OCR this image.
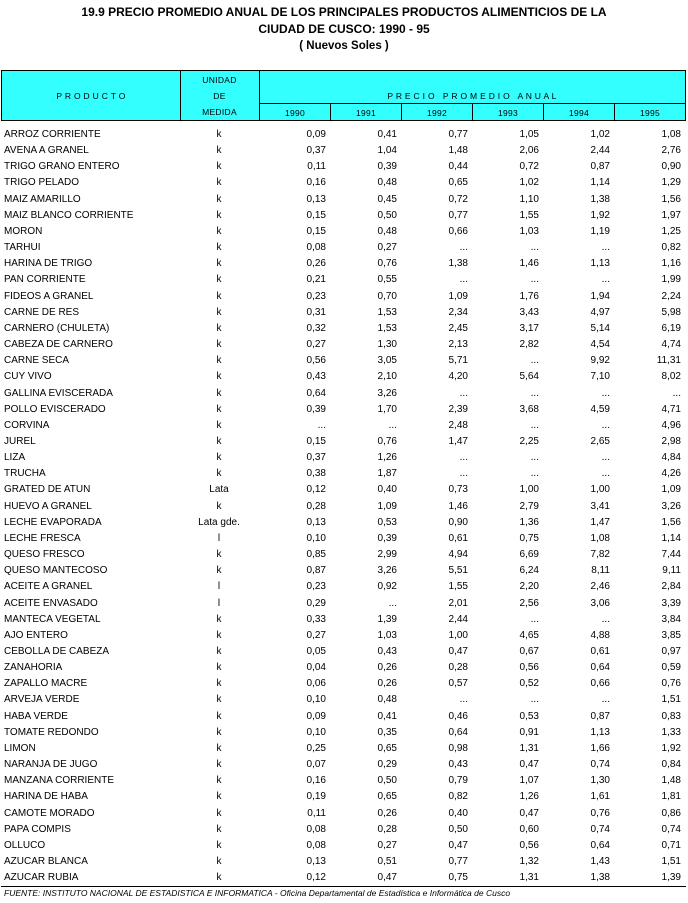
19.9 PRECIO PROMEDIO ANUAL DE LOS PRINCIPALES PRODUCTOS ALIMENTICIOS DE LA
CIUDAD DE CUSCO: 1990 - 95
( Nuevos Soles )
P R O D U C T O
UNIDAD
DE
MEDIDA
P R E C I O   P R O M E D I O   A N U A L
1990	1991	1992	1993	1994	1995
ARROZ CORRIENTE	k	0,09	0,41	0,77	1,05	1,02	1,08
AVENA A GRANEL	k	0,37	1,04	1,48	2,06	2,44	2,76
TRIGO GRANO ENTERO	k	0,11	0,39	0,44	0,72	0,87	0,90
TRIGO PELADO	k	0,16	0,48	0,65	1,02	1,14	1,29
MAIZ AMARILLO	k	0,13	0,45	0,72	1,10	1,38	1,56
MAIZ BLANCO CORRIENTE	k	0,15	0,50	0,77	1,55	1,92	1,97
MORON	k	0,15	0,48	0,66	1,03	1,19	1,25
TARHUI	k	0,08	0,27	...	...	...	0,82
HARINA DE TRIGO	k	0,26	0,76	1,38	1,46	1,13	1,16
PAN CORRIENTE	k	0,21	0,55	...	...	...	1,99
FIDEOS A GRANEL	k	0,23	0,70	1,09	1,76	1,94	2,24
CARNE DE RES	k	0,31	1,53	2,34	3,43	4,97	5,98
CARNERO (CHULETA)	k	0,32	1,53	2,45	3,17	5,14	6,19
CABEZA DE CARNERO	k	0,27	1,30	2,13	2,82	4,54	4,74
CARNE SECA	k	0,56	3,05	5,71	...	9,92	11,31
CUY VIVO	k	0,43	2,10	4,20	5,64	7,10	8,02
GALLINA EVISCERADA	k	0,64	3,26	...	...	...	...
POLLO EVISCERADO	k	0,39	1,70	2,39	3,68	4,59	4,71
CORVINA	k	...	...	2,48	...	...	4,96
JUREL	k	0,15	0,76	1,47	2,25	2,65	2,98
LIZA	k	0,37	1,26	...	...	...	4,84
TRUCHA	k	0,38	1,87	...	...	...	4,26
GRATED DE ATUN	Lata	0,12	0,40	0,73	1,00	1,00	1,09
HUEVO A GRANEL	k	0,28	1,09	1,46	2,79	3,41	3,26
LECHE EVAPORADA	Lata gde.	0,13	0,53	0,90	1,36	1,47	1,56
LECHE FRESCA	l	0,10	0,39	0,61	0,75	1,08	1,14
QUESO FRESCO	k	0,85	2,99	4,94	6,69	7,82	7,44
QUESO MANTECOSO	k	0,87	3,26	5,51	6,24	8,11	9,11
ACEITE A GRANEL	l	0,23	0,92	1,55	2,20	2,46	2,84
ACEITE ENVASADO	l	0,29	...	2,01	2,56	3,06	3,39
MANTECA VEGETAL	k	0,33	1,39	2,44	...	...	3,84
AJO ENTERO	k	0,27	1,03	1,00	4,65	4,88	3,85
CEBOLLA DE CABEZA	k	0,05	0,43	0,47	0,67	0,61	0,97
ZANAHORIA	k	0,04	0,26	0,28	0,56	0,64	0,59
ZAPALLO MACRE	k	0,06	0,26	0,57	0,52	0,66	0,76
ARVEJA VERDE	k	0,10	0,48	...	...	...	1,51
HABA VERDE	k	0,09	0,41	0,46	0,53	0,87	0,83
TOMATE REDONDO	k	0,10	0,35	0,64	0,91	1,13	1,33
LIMON	k	0,25	0,65	0,98	1,31	1,66	1,92
NARANJA DE JUGO	k	0,07	0,29	0,43	0,47	0,74	0,84
MANZANA CORRIENTE	k	0,16	0,50	0,79	1,07	1,30	1,48
HARINA DE HABA	k	0,19	0,65	0,82	1,26	1,61	1,81
CAMOTE MORADO	k	0,11	0,26	0,40	0,47	0,76	0,86
PAPA COMPIS	k	0,08	0,28	0,50	0,60	0,74	0,74
OLLUCO	k	0,08	0,27	0,47	0,56	0,64	0,71
AZUCAR BLANCA	k	0,13	0,51	0,77	1,32	1,43	1,51
AZUCAR RUBIA	k	0,12	0,47	0,75	1,31	1,38	1,39
FUENTE: INSTITUTO NACIONAL DE ESTADISTICA E INFORMATICA - Oficina Departamental de Estadística e Informática de Cusco
